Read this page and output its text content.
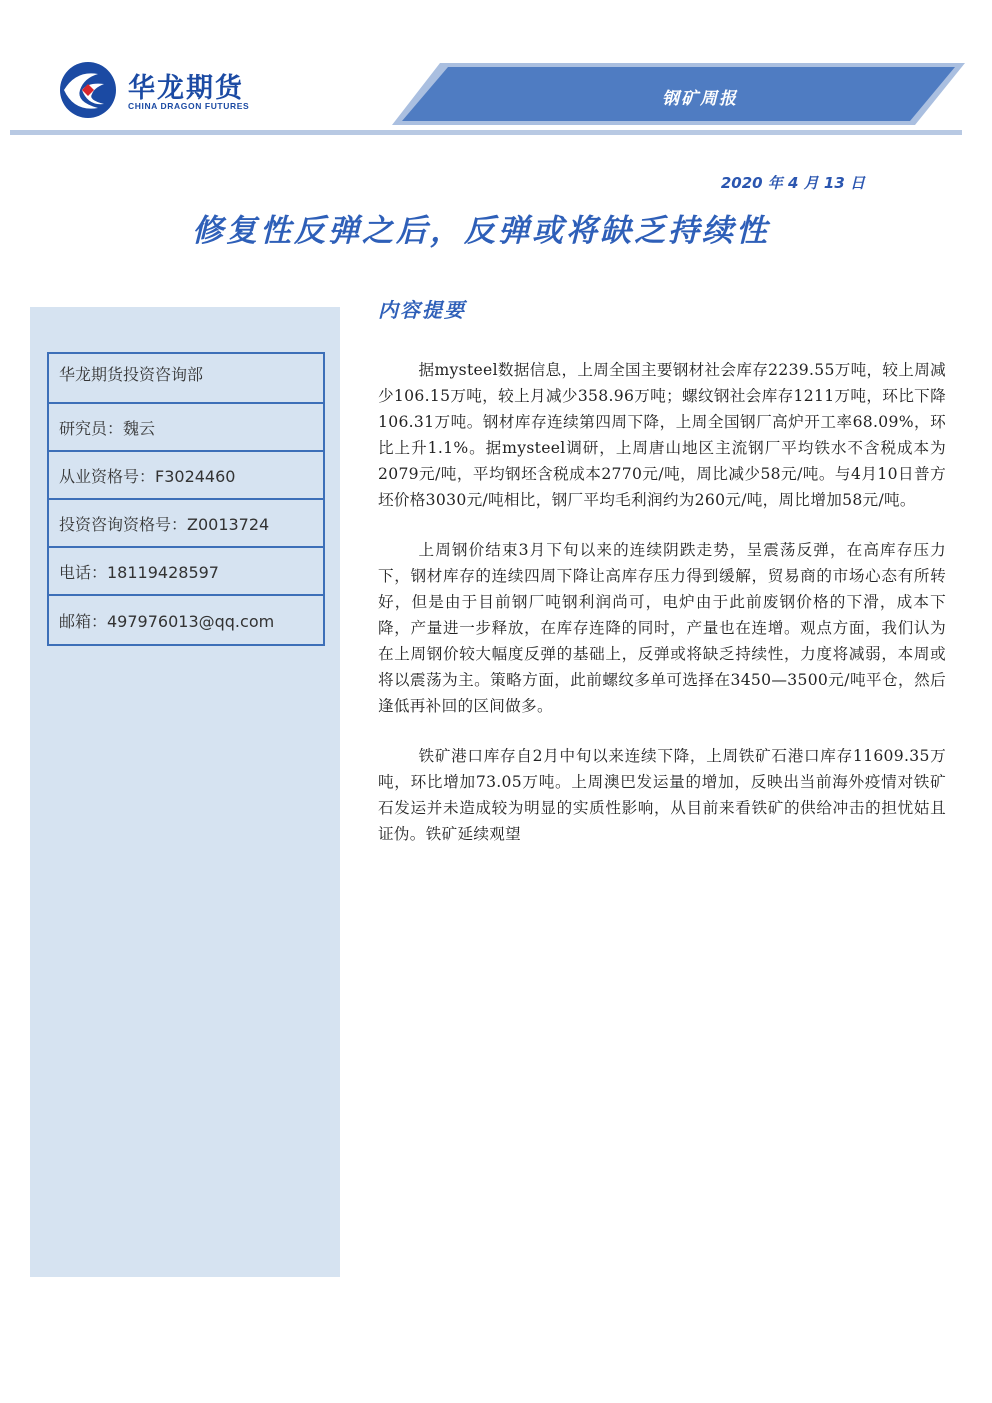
华龙期货
CHINA DRAGON FUTURES	钢矿周报
2020 年 4 月 13 日
修复性反弹之后，反弹或将缺乏持续性
华龙期货投资咨询部
研究员：魏云
从业资格号：F3024460
投资咨询资格号：Z0013724
电话：18119428597
邮箱：497976013@qq.com
内容提要

据mysteel数据信息，上周全国主要钢材社会库存2239.55万吨，较上周减少106.15万吨，较上月减少358.96万吨；螺纹钢社会库存1211万吨，环比下降106.31万吨。钢材库存连续第四周下降，上周全国钢厂高炉开工率68.09%，环比上升1.1%。据mysteel调研，上周唐山地区主流钢厂平均铁水不含税成本为2079元/吨，平均钢坯含税成本2770元/吨，周比减少58元/吨。与4月10日普方坯价格3030元/吨相比，钢厂平均毛利润约为260元/吨，周比增加58元/吨。

上周钢价结束3月下旬以来的连续阴跌走势，呈震荡反弹，在高库存压力下，钢材库存的连续四周下降让高库存压力得到缓解，贸易商的市场心态有所转好，但是由于目前钢厂吨钢利润尚可，电炉由于此前废钢价格的下滑，成本下降，产量进一步释放，在库存连降的同时，产量也在连增。观点方面，我们认为在上周钢价较大幅度反弹的基础上，反弹或将缺乏持续性，力度将减弱，本周或将以震荡为主。策略方面，此前螺纹多单可选择在3450—3500元/吨平仓，然后逢低再补回的区间做多。

铁矿港口库存自2月中旬以来连续下降，上周铁矿石港口库存11609.35万吨，环比增加73.05万吨。上周澳巴发运量的增加，反映出当前海外疫情对铁矿石发运并未造成较为明显的实质性影响，从目前来看铁矿的供给冲击的担忧姑且证伪。铁矿延续观望
